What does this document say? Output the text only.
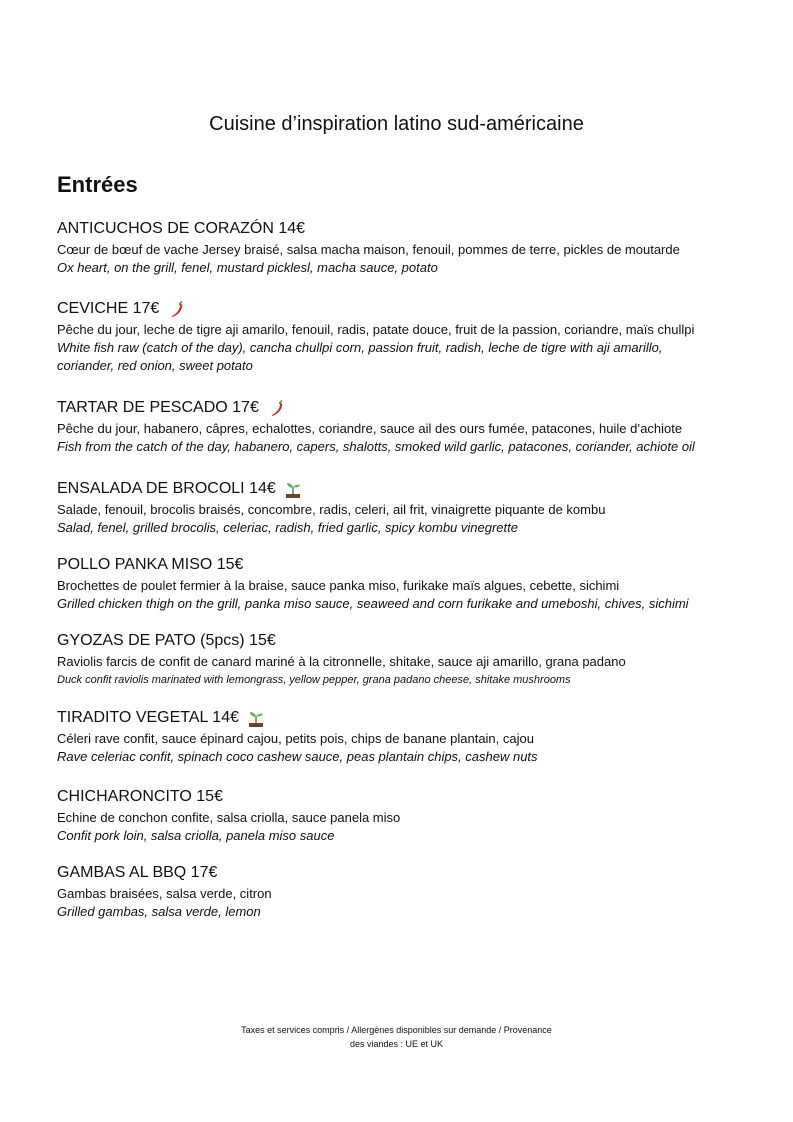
Cuisine d’inspiration latino sud-américaine
Entrées
ANTICUCHOS DE CORAZÓN 14€
Cœur de bœuf de vache Jersey braisé, salsa macha maison, fenouil, pommes de terre, pickles de moutarde
Ox heart, on the grill, fenel, mustard picklesl, macha sauce, potato
CEVICHE 17€
Pêche du jour, leche de tigre aji amarilo, fenouil, radis, patate douce, fruit de la passion, coriandre, maïs chullpi
White fish raw (catch of the day), cancha chullpi corn, passion fruit, radish, leche de tigre with aji amarillo,
coriander, red onion, sweet potato
TARTAR DE PESCADO 17€
Pêche du jour, habanero, câpres, echalottes, coriandre, sauce ail des ours fumée, patacones, huile d’achiote
Fish from the catch of the day, habanero, capers, shalotts, smoked wild garlic, patacones, coriander, achiote oil
ENSALADA DE BROCOLI 14€
Salade, fenouil, brocolis braisés, concombre, radis, celeri, ail frit, vinaigrette piquante de kombu
Salad, fenel, grilled brocolis, celeriac, radish, fried garlic, spicy kombu vinegrette
POLLO PANKA MISO 15€
Brochettes de poulet fermier à la braise, sauce panka miso, furikake maïs algues, cebette, sichimi
Grilled chicken thigh on the grill, panka miso sauce, seaweed and corn furikake and umeboshi, chives, sichimi
GYOZAS DE PATO (5pcs) 15€
Raviolis farcis de confit de canard mariné à la citronnelle, shitake, sauce aji amarillo, grana padano
Duck confit raviolis marinated with lemongrass, yellow pepper, grana padano cheese, shitake mushrooms
TIRADITO VEGETAL 14€
Céleri rave confit, sauce épinard cajou, petits pois, chips de banane plantain, cajou
Rave celeriac confit, spinach coco cashew sauce, peas plantain chips, cashew nuts
CHICHARONCITO 15€
Echine de conchon confite, salsa criolla, sauce panela miso
Confit pork loin, salsa criolla, panela miso sauce
GAMBAS AL BBQ 17€
Gambas braisées, salsa verde, citron
Grilled gambas, salsa verde, lemon
Taxes et services compris / Allergènes disponibles sur demande / Provenance
des viandes : UE et UK
